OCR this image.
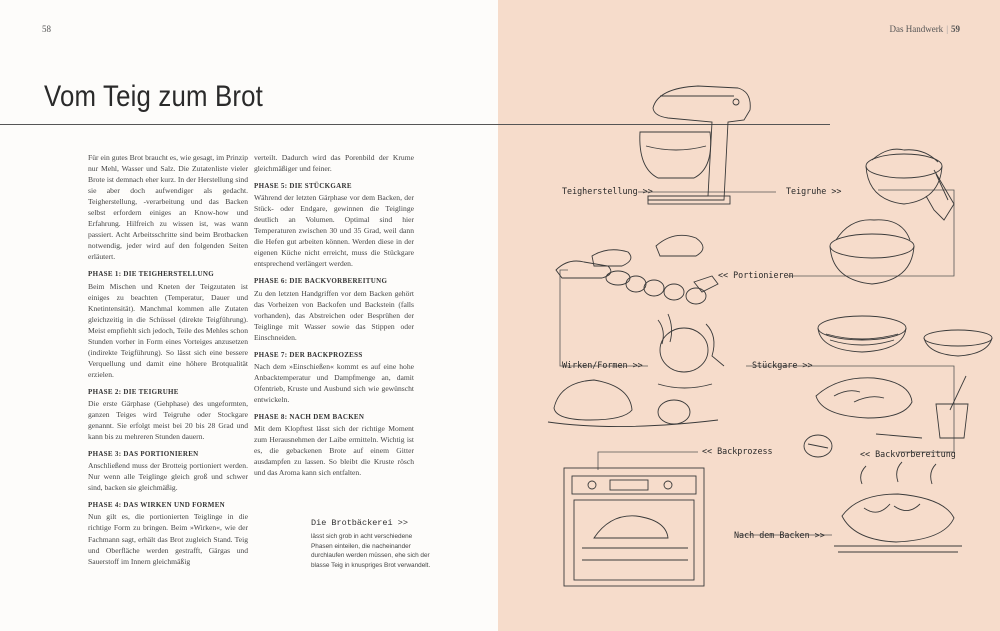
58	Das Handwerk | 59
Vom Teig zum Brot

Für ein gutes Brot braucht es, wie gesagt, im Prinzip nur Mehl, Wasser und Salz. Die Zutatenliste vieler Brote ist demnach eher kurz. In der Herstellung sind sie aber doch aufwendiger als gedacht. Teigherstellung, -verarbeitung und das Backen selbst erfordern einiges an Know-how und Erfahrung. Hilfreich zu wissen ist, was wann passiert. Acht Arbeitsschritte sind beim Brotbacken notwendig, jeder wird auf den folgenden Seiten erläutert.

PHASE 1: DIE TEIGHERSTELLUNG

Beim Mischen und Kneten der Teigzutaten ist einiges zu beachten (Temperatur, Dauer und Knetintensität). Manchmal kommen alle Zutaten gleichzeitig in die Schüssel (direkte Teigführung). Meist empfiehlt sich jedoch, Teile des Mehles schon Stunden vorher in Form eines Vorteiges anzusetzen (indirekte Teigführung). So lässt sich eine bessere Verquellung und damit eine höhere Brotqualität erzielen.

PHASE 2: DIE TEIGRUHE

Die erste Gärphase (Gehphase) des ungeformten, ganzen Teiges wird Teigruhe oder Stockgare genannt. Sie erfolgt meist bei 20 bis 28 Grad und kann bis zu mehreren Stunden dauern.

PHASE 3: DAS PORTIONIEREN

Anschließend muss der Brotteig portioniert werden. Nur wenn alle Teiglinge gleich groß und schwer sind, backen sie gleichmäßig.

PHASE 4: DAS WIRKEN UND FORMEN

Nun gilt es, die portionierten Teiglinge in die richtige Form zu bringen. Beim »Wirken«, wie der Fachmann sagt, erhält das Brot zugleich Stand. Teig und Oberfläche werden gestrafft, Gärgas und Sauerstoff im Innern gleichmäßig

verteilt. Dadurch wird das Porenbild der Krume gleichmäßiger und feiner.

PHASE 5: DIE STÜCKGARE

Während der letzten Gärphase vor dem Backen, der Stück- oder Endgare, gewinnen die Teiglinge deutlich an Volumen. Optimal sind hier Temperaturen zwischen 30 und 35 Grad, weil dann die Hefen gut arbeiten können. Werden diese in der eigenen Küche nicht erreicht, muss die Stückgare entsprechend verlängert werden.

PHASE 6: DIE BACKVORBEREITUNG

Zu den letzten Handgriffen vor dem Backen gehört das Vorheizen von Backofen und Backstein (falls vorhanden), das Abstreichen oder Besprühen der Teiglinge mit Wasser sowie das Stippen oder Einschneiden.

PHASE 7: DER BACKPROZESS

Nach dem »Einschießen« kommt es auf eine hohe Anbacktemperatur und Dampfmenge an, damit Ofentrieb, Kruste und Ausbund sich wie gewünscht entwickeln.

PHASE 8: NACH DEM BACKEN

Mit dem Klopftest lässt sich der richtige Moment zum Herausnehmen der Laibe ermitteln. Wichtig ist es, die gebackenen Brote auf einem Gitter ausdampfen zu lassen. So bleibt die Kruste rösch und das Aroma kann sich entfalten.

Die Brotbäckerei >>
lässt sich grob in acht verschiedene Phasen einteilen, die nacheinander durchlaufen werden müssen, ehe sich der blasse Teig in knuspriges Brot verwandelt.
Teigherstellung >>	Teigruhe >>
<< Portionieren
Wirken/Formen >>	Stückgare >>
<< Backprozess	<< Backvorbereitung
Nach dem Backen >>
